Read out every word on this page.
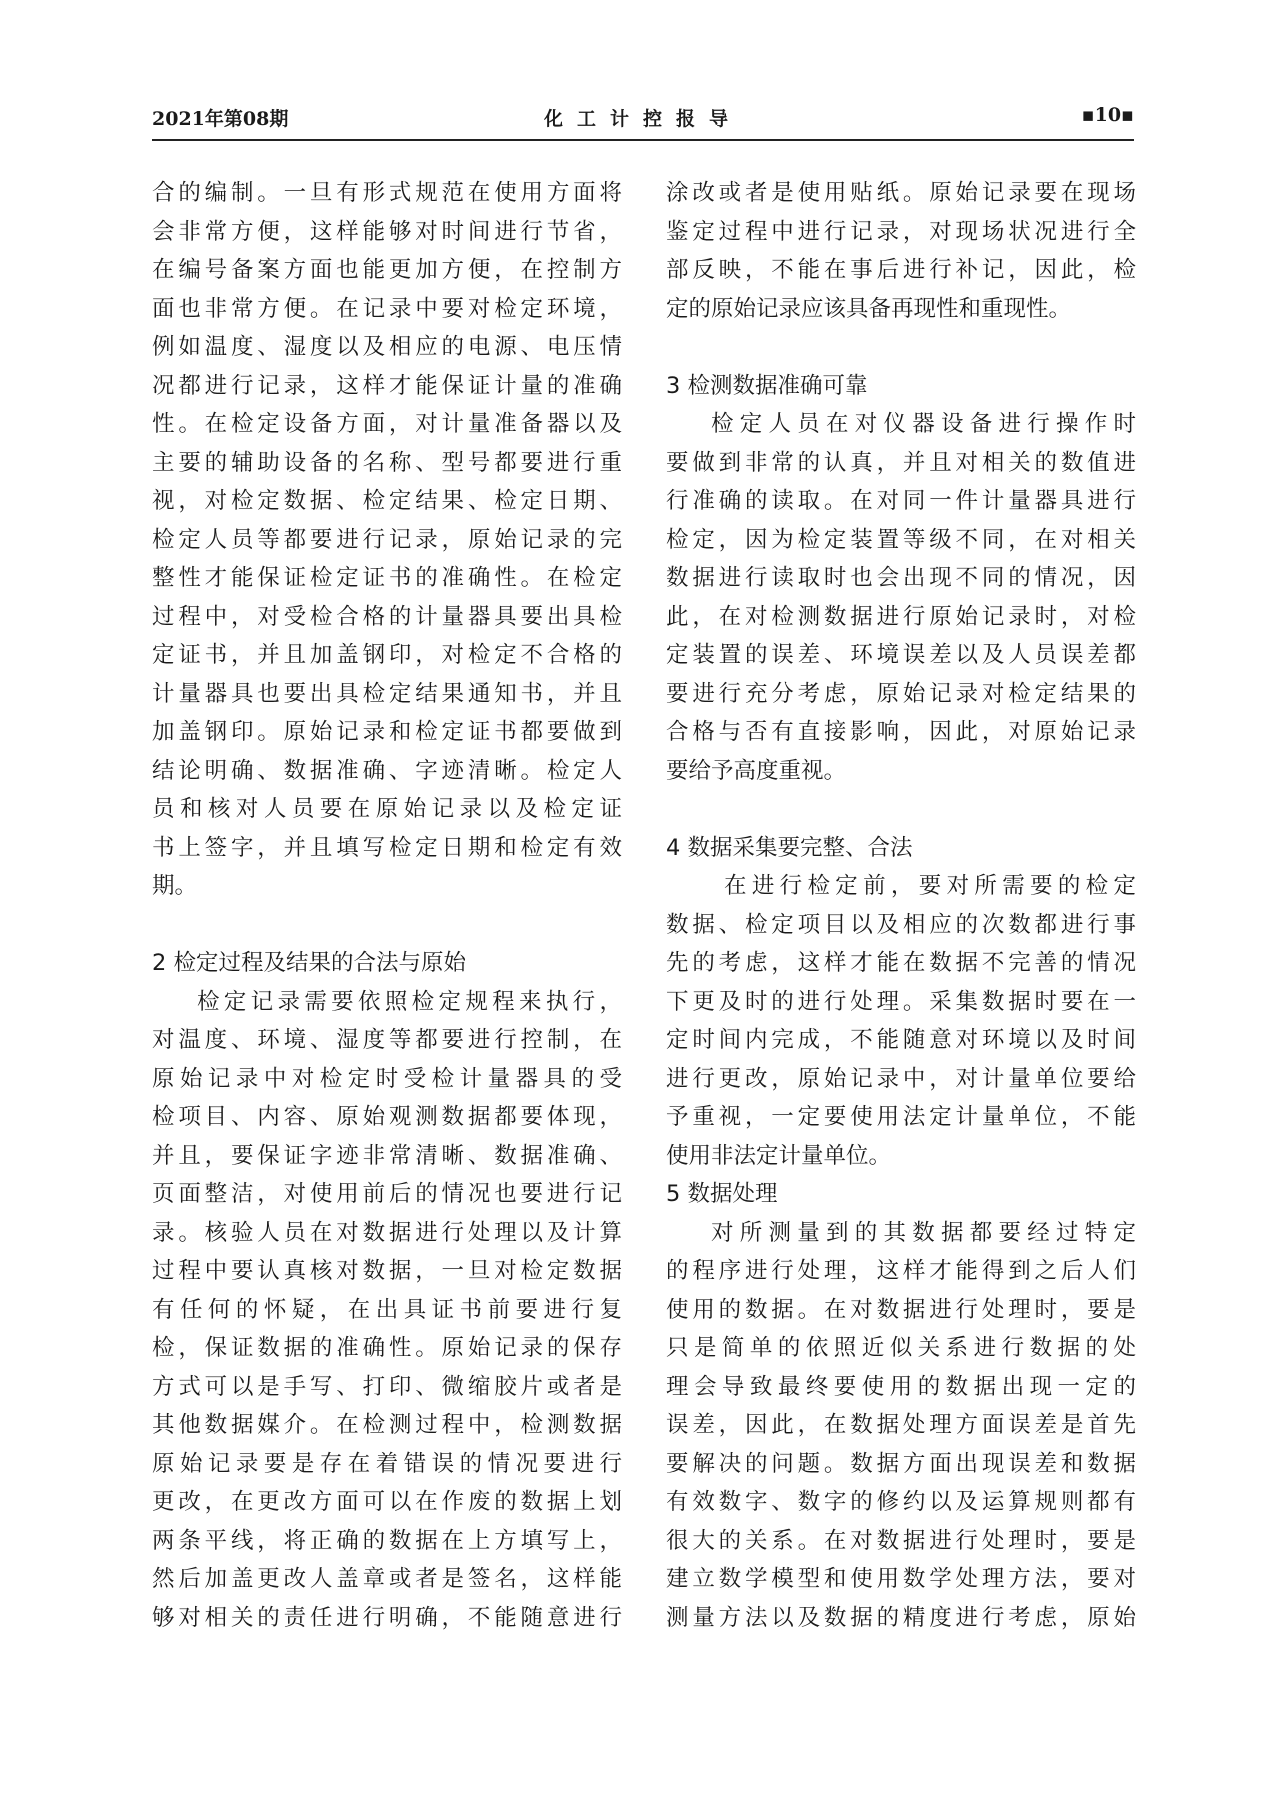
2021年第08期	化工计控报导	▪10▪
合的编制。一旦有形式规范在使用方面将
会非常方便，这样能够对时间进行节省，
在编号备案方面也能更加方便，在控制方
面也非常方便。在记录中要对检定环境，
例如温度、湿度以及相应的电源、电压情
况都进行记录，这样才能保证计量的准确
性。在检定设备方面，对计量准备器以及
主要的辅助设备的名称、型号都要进行重
视，对检定数据、检定结果、检定日期、
检定人员等都要进行记录，原始记录的完
整性才能保证检定证书的准确性。在检定
过程中，对受检合格的计量器具要出具检
定证书，并且加盖钢印，对检定不合格的
计量器具也要出具检定结果通知书，并且
加盖钢印。原始记录和检定证书都要做到
结论明确、数据准确、字迹清晰。检定人
员和核对人员要在原始记录以及检定证
书上签字，并且填写检定日期和检定有效
期。
2 检定过程及结果的合法与原始
检定记录需要依照检定规程来执行，
对温度、环境、湿度等都要进行控制，在
原始记录中对检定时受检计量器具的受
检项目、内容、原始观测数据都要体现，
并且，要保证字迹非常清晰、数据准确、
页面整洁，对使用前后的情况也要进行记
录。核验人员在对数据进行处理以及计算
过程中要认真核对数据，一旦对检定数据
有任何的怀疑，在出具证书前要进行复
检，保证数据的准确性。原始记录的保存
方式可以是手写、打印、微缩胶片或者是
其他数据媒介。在检测过程中，检测数据
原始记录要是存在着错误的情况要进行
更改，在更改方面可以在作废的数据上划
两条平线，将正确的数据在上方填写上，
然后加盖更改人盖章或者是签名，这样能
够对相关的责任进行明确，不能随意进行
涂改或者是使用贴纸。原始记录要在现场
鉴定过程中进行记录，对现场状况进行全
部反映，不能在事后进行补记，因此，检
定的原始记录应该具备再现性和重现性。
3 检测数据准确可靠
检定人员在对仪器设备进行操作时
要做到非常的认真，并且对相关的数值进
行准确的读取。在对同一件计量器具进行
检定，因为检定装置等级不同，在对相关
数据进行读取时也会出现不同的情况，因
此，在对检测数据进行原始记录时，对检
定装置的误差、环境误差以及人员误差都
要进行充分考虑，原始记录对检定结果的
合格与否有直接影响，因此，对原始记录
要给予高度重视。
4 数据采集要完整、合法
在进行检定前，要对所需要的检定
数据、检定项目以及相应的次数都进行事
先的考虑，这样才能在数据不完善的情况
下更及时的进行处理。采集数据时要在一
定时间内完成，不能随意对环境以及时间
进行更改，原始记录中，对计量单位要给
予重视，一定要使用法定计量单位，不能
使用非法定计量单位。
5 数据处理
对所测量到的其数据都要经过特定
的程序进行处理，这样才能得到之后人们
使用的数据。在对数据进行处理时，要是
只是简单的依照近似关系进行数据的处
理会导致最终要使用的数据出现一定的
误差，因此，在数据处理方面误差是首先
要解决的问题。数据方面出现误差和数据
有效数字、数字的修约以及运算规则都有
很大的关系。在对数据进行处理时，要是
建立数学模型和使用数学处理方法，要对
测量方法以及数据的精度进行考虑，原始
